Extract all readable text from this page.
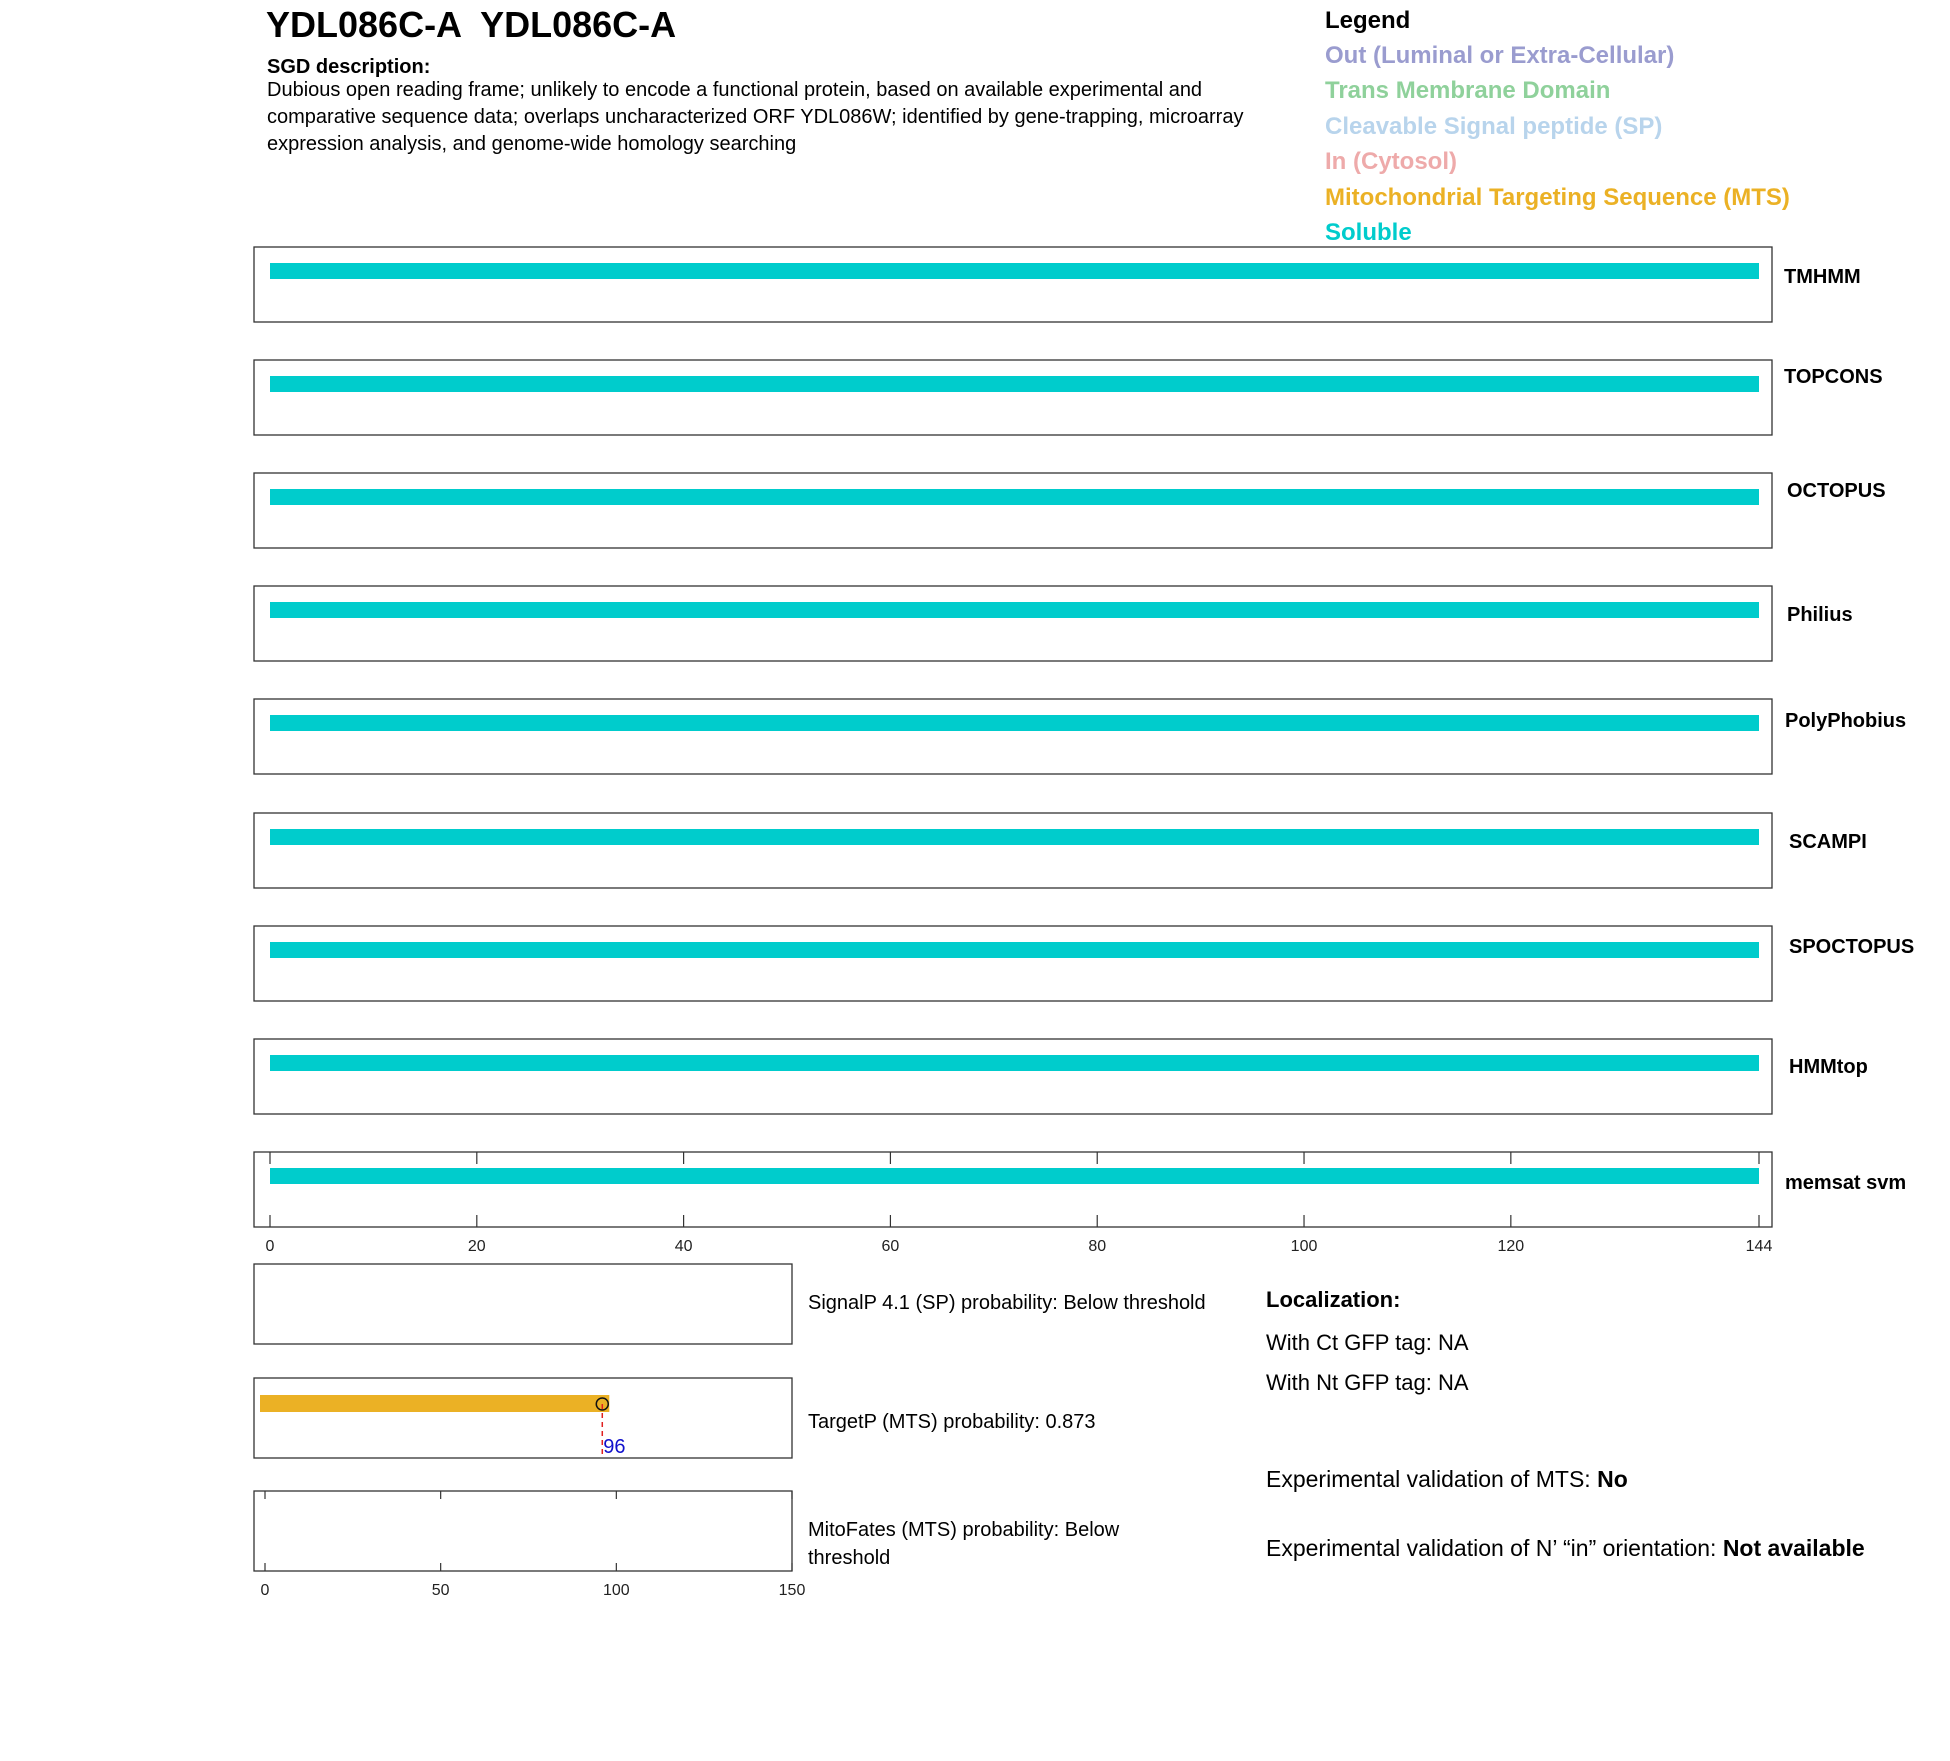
YDL086C-A  YDL086C-A
SGD description:
Dubious open reading frame; unlikely to encode a functional protein, based on available experimental and comparative sequence data; overlaps uncharacterized ORF YDL086W; identified by gene-trapping, microarray expression analysis, and genome-wide homology searching
Legend
Out (Luminal or Extra-Cellular)
Trans Membrane Domain
Cleavable Signal peptide (SP)
In (Cytosol)
Mitochondrial Targeting Sequence (MTS)
Soluble
TMHMM
TOPCONS
OCTOPUS
Philius
PolyPhobius
SCAMPI
SPOCTOPUS
HMMtop
memsat svm
0	20	40	60	80	100	120	144
96
0	50	100	150
SignalP 4.1 (SP) probability: Below threshold
TargetP (MTS) probability: 0.873
MitoFates (MTS) probability: Below threshold
Localization:
With Ct GFP tag: NA
With Nt GFP tag: NA
Experimental validation of MTS: No
Experimental validation of N’ “in” orientation: Not available
